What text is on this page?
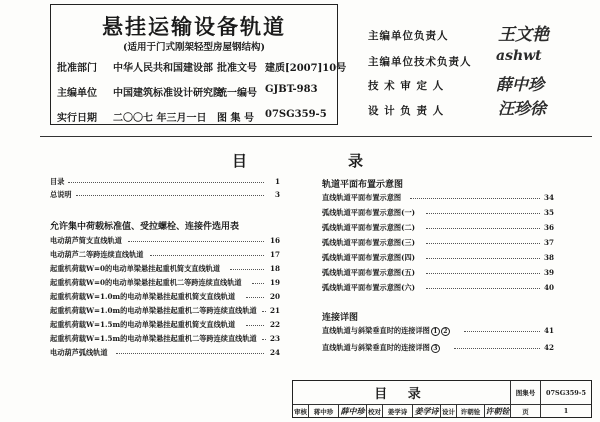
悬挂运输设备轨道
(适用于门式刚架轻型房屋钢结构)
批准部门 中华人民共和国建设部 批准文号 建质[2007]10号
主编单位 中国建筑标准设计研究院
统一编号 GJBT-983
实行日期 二〇〇七 年三月一日 图 集 号 07SG359-5
主编单位负责人	王文艳
主编单位技术负责人 ashwt
技 术 审 定 人	薛中珍
设 计 负 责 人	汪珍徐
目	录
目录	1
总说明	3
允许集中荷载标准值、受拉螺栓、连接件选用表
电动葫芦简支直线轨道	16
电动葫芦二等跨连续直线轨道	17
起重机荷载W=0的电动单梁悬挂起重机简支直线轨道	18
起重机荷载W=0的电动单梁悬挂起重机二等跨连续直线轨道	19
起重机荷载W=1.0m的电动单梁悬挂起重机简支直线轨道	20
起重机荷载W=1.0m的电动单梁悬挂起重机二等跨连续直线轨道 21
起重机荷载W=1.5m的电动单梁悬挂起重机简支直线轨道	22
起重机荷载W=1.5m的电动单梁悬挂起重机二等跨连续直线轨道 23
电动葫芦弧线轨道	24
轨道平面布置示意图
直线轨道平面布置示意图	34
弧线轨道平面布置示意图(一)	35
弧线轨道平面布置示意图(二)	36
弧线轨道平面布置示意图(三)	37
弧线轨道平面布置示意图(四)	38
弧线轨道平面布置示意图(五)	39
弧线轨道平面布置示意图(六)	40
连接详图
直线轨道与斜梁垂直时的连接详图 1 2	41
直线轨道与斜梁垂直时的连接详图 3	42
目 录	图集号	07SG359-5
审核	蒋中珍 薛中珍 校对	姜学诗 姜学诗 设计 许朝铨 许朝铨	页	1
